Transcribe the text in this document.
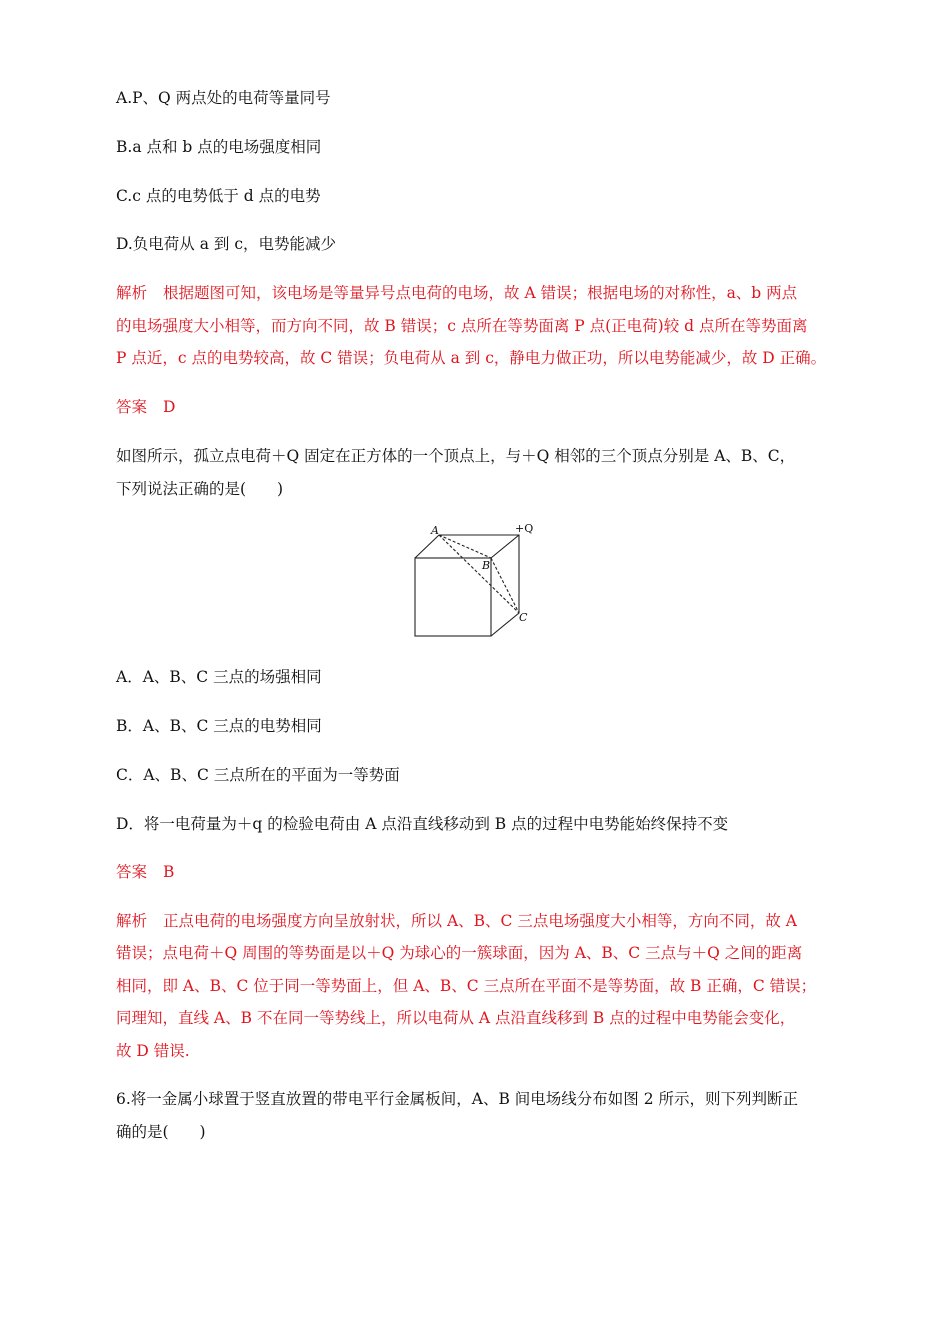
A.P、Q 两点处的电荷等量同号
B.a 点和 b 点的电场强度相同
C.c 点的电势低于 d 点的电势
D.负电荷从 a 到 c，电势能减少
解析 根据题图可知，该电场是等量异号点电荷的电场，故 A 错误；根据电场的对称性，a、b 两点
的电场强度大小相等，而方向不同，故 B 错误；c 点所在等势面离 P 点(正电荷)较 d 点所在等势面离
P 点近，c 点的电势较高，故 C 错误；负电荷从 a 到 c，静电力做正功，所以电势能减少，故 D 正确。
答案 D
如图所示，孤立点电荷＋Q 固定在正方体的一个顶点上，与＋Q 相邻的三个顶点分别是 A、B、C，
下列说法正确的是(　　)
A	+Q
B
C
A．A、B、C 三点的场强相同
B．A、B、C 三点的电势相同
C．A、B、C 三点所在的平面为一等势面
D．将一电荷量为＋q 的检验电荷由 A 点沿直线移动到 B 点的过程中电势能始终保持不变
答案 B
解析 正点电荷的电场强度方向呈放射状，所以 A、B、C 三点电场强度大小相等，方向不同，故 A
错误；点电荷＋Q 周围的等势面是以＋Q 为球心的一簇球面，因为 A、B、C 三点与＋Q 之间的距离
相同，即 A、B、C 位于同一等势面上，但 A、B、C 三点所在平面不是等势面，故 B 正确，C 错误；
同理知，直线 A、B 不在同一等势线上，所以电荷从 A 点沿直线移到 B 点的过程中电势能会变化，
故 D 错误.
6.将一金属小球置于竖直放置的带电平行金属板间，A、B 间电场线分布如图 2 所示，则下列判断正
确的是(　　)
